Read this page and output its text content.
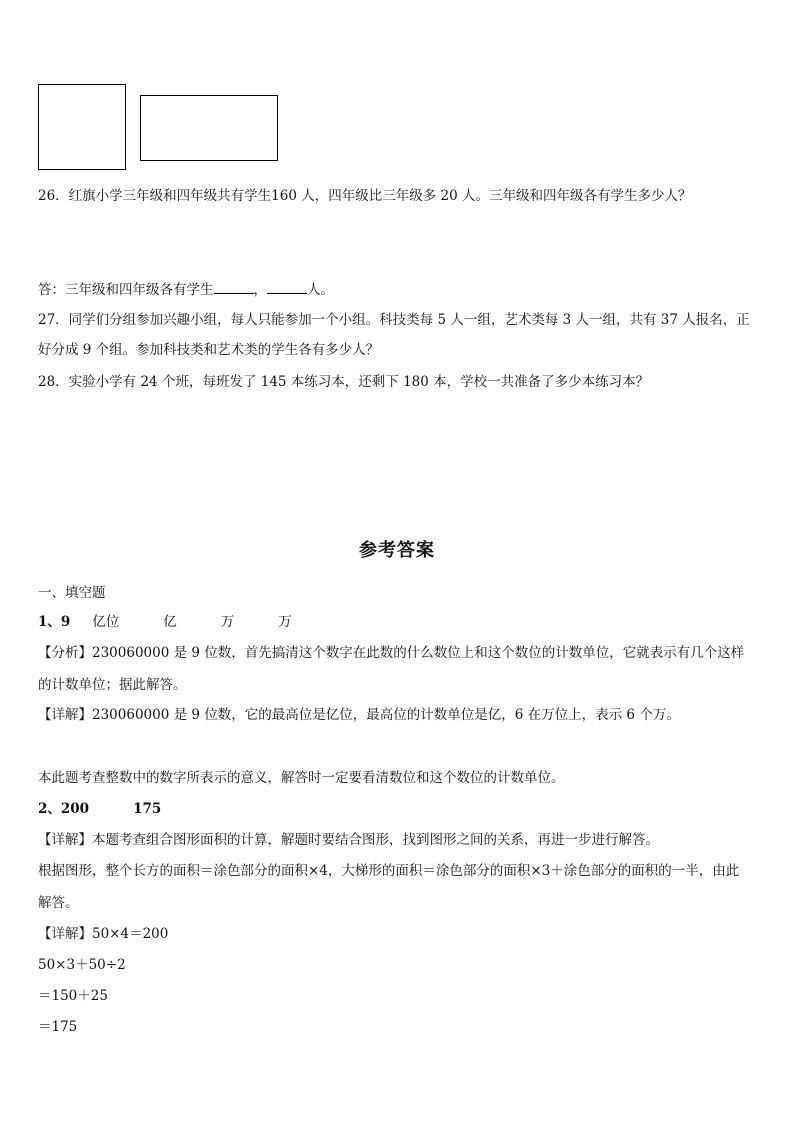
26．红旗小学三年级和四年级共有学生160 人，四年级比三年级多 20 人。三年级和四年级各有学生多少人？
答：三年级和四年级各有学生	，	人。
27．同学们分组参加兴趣小组，每人只能参加一个小组。科技类每 5 人一组，艺术类每 3 人一组，共有 37 人报名，正
好分成 9 个组。参加科技类和艺术类的学生各有多少人？
28．实验小学有 24 个班，每班发了 145 本练习本，还剩下 180 本，学校一共准备了多少本练习本？
参考答案
一、填空题
1、9 亿位	亿	万	万
【分析】230060000 是 9 位数，首先搞清这个数字在此数的什么数位上和这个数位的计数单位，它就表示有几个这样
的计数单位；据此解答。
【详解】230060000 是 9 位数，它的最高位是亿位，最高位的计数单位是亿，6 在万位上，表示 6 个万。
本此题考查整数中的数字所表示的意义，解答时一定要看清数位和这个数位的计数单位。
2、200	175
【详解】本题考查组合图形面积的计算，解题时要结合图形，找到图形之间的关系，再进一步进行解答。
根据图形，整个长方的面积＝涂色部分的面积×4，大梯形的面积＝涂色部分的面积×3＋涂色部分的面积的一半，由此
解答。
【详解】50×4＝200
50×3＋50÷2
＝150＋25
＝175
